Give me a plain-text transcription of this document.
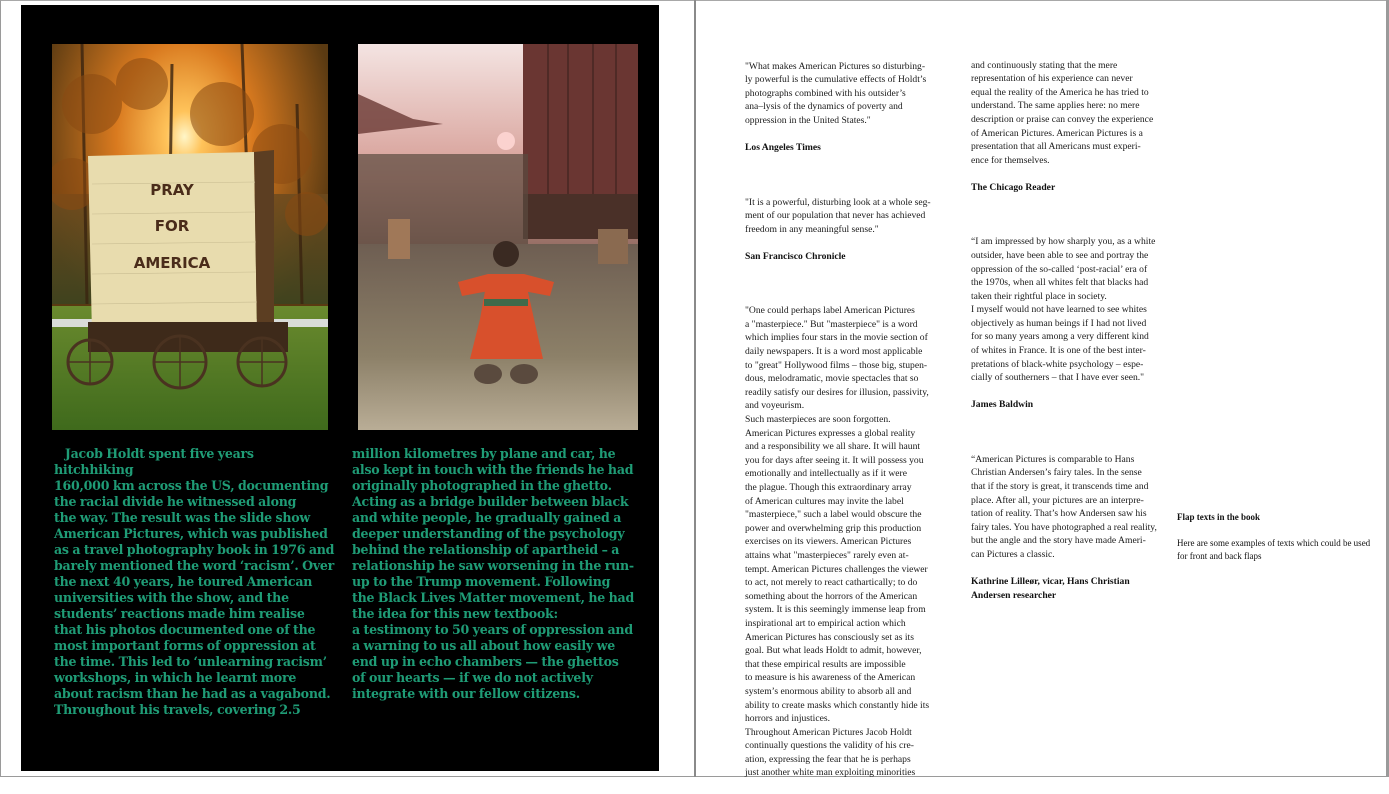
PRAY
FOR
AMERICA
Jacob Holdt spent five years hitchhiking
160,000 km across the US, documenting
the racial divide he witnessed along
the way. The result was the slide show
American Pictures, which was published
as a travel photography book in 1976 and
barely mentioned the word ‘racism’. Over
the next 40 years, he toured American
universities with the show, and the
students’ reactions made him realise
that his photos documented one of the
most important forms of oppression at
the time. This led to ‘unlearning racism’
workshops, in which he learnt more
about racism than he had as a vagabond.
Throughout his travels, covering 2.5
million kilometres by plane and car, he
also kept in touch with the friends he had
originally photographed in the ghetto.
Acting as a bridge builder between black
and white people, he gradually gained a
deeper understanding of the psychology
behind the relationship of apartheid – a
relationship he saw worsening in the run-
up to the Trump movement. Following
the Black Lives Matter movement, he had
the idea for this new textbook:
a testimony to 50 years of oppression and
a warning to us all about how easily we
end up in echo chambers — the ghettos
of our hearts — if we do not actively
integrate with our fellow citizens.

"What makes American Pictures so disturbing-
ly powerful is the cumulative effects of Holdt’s
photographs combined with his outsider’s
ana–lysis of the dynamics of poverty and
oppression in the United States."

Los Angeles Times

"It is a powerful, disturbing look at a whole seg-
ment of our population that never has achieved
freedom in any meaningful sense."

San Francisco Chronicle

"One could perhaps label American Pictures
a "masterpiece." But "masterpiece" is a word
which implies four stars in the movie section of
daily newspapers. It is a word most applicable
to "great" Hollywood films – those big, stupen-
dous, melodramatic, movie spectacles that so
readily satisfy our desires for illusion, passivity,
and voyeurism.
Such masterpieces are soon forgotten.
American Pictures expresses a global reality
and a responsibility we all share. It will haunt
you for days after seeing it. It will possess you
emotionally and intellectually as if it were
the plague. Though this extraordinary array
of American cultures may invite the label
"masterpiece," such a label would obscure the
power and overwhelming grip this production
exercises on its viewers. American Pictures
attains what "masterpieces" rarely even at-
tempt. American Pictures challenges the viewer
to act, not merely to react cathartically; to do
something about the horrors of the American
system. It is this seemingly immense leap from
inspirational art to empirical action which
American Pictures has consciously set as its
goal. But what leads Holdt to admit, however,
that these empirical results are impossible
to measure is his awareness of the American
system’s enormous ability to absorb all and
ability to create masks which constantly hide its
horrors and injustices.
Throughout American Pictures Jacob Holdt
continually questions the validity of his cre-
ation, expressing the fear that he is perhaps
just another white man exploiting minorities

and continuously stating that the mere
representation of his experience can never
equal the reality of the America he has tried to
understand. The same applies here: no mere
description or praise can convey the experience
of American Pictures. American Pictures is a
presentation that all Americans must experi-
ence for themselves.

The Chicago Reader

“I am impressed by how sharply you, as a white
outsider, have been able to see and portray the
oppression of the so-called ‘post-racial’ era of
the 1970s, when all whites felt that blacks had
taken their rightful place in society.
I myself would not have learned to see whites
objectively as human beings if I had not lived
for so many years among a very different kind
of whites in France. It is one of the best inter-
pretations of black-white psychology – espe-
cially of southerners – that I have ever seen."

James Baldwin

“American Pictures is comparable to Hans
Christian Andersen’s fairy tales. In the sense
that if the story is great, it transcends time and
place. After all, your pictures are an interpre-
tation of reality. That’s how Andersen saw his
fairy tales. You have photographed a real reality,
but the angle and the story have made Ameri-
can Pictures a classic.

Kathrine Lilleør, vicar, Hans Christian
Andersen researcher

Flap texts in the book

Here are some examples of texts which could be used for front and back flaps
